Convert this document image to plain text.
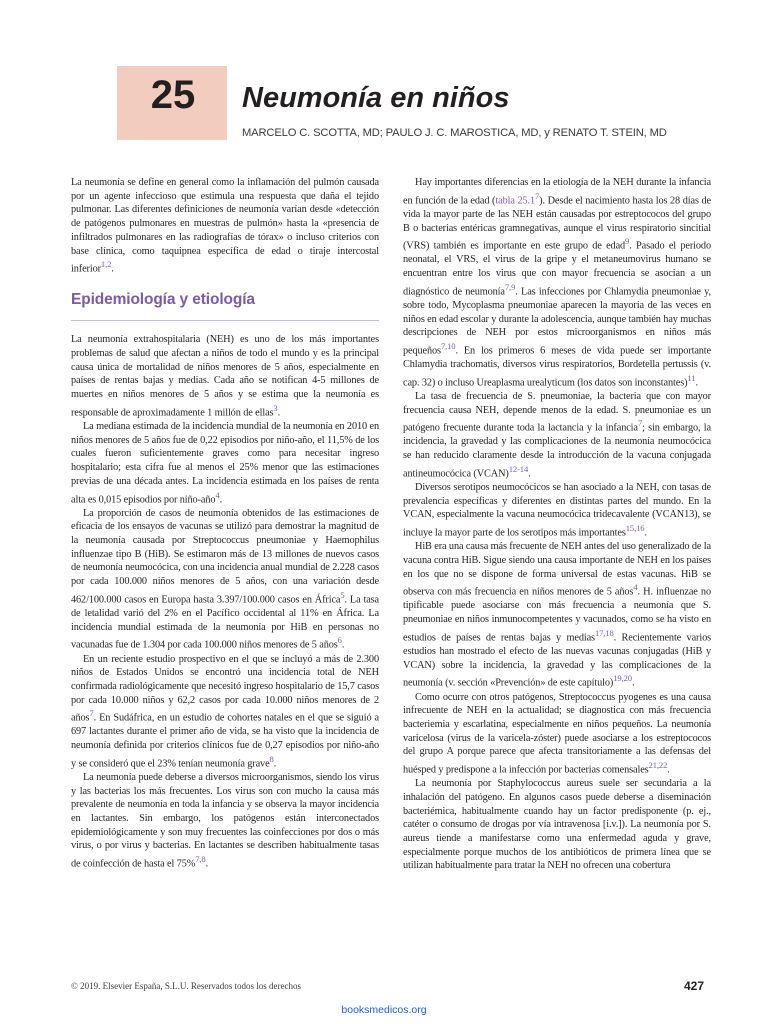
25	Neumonía en niños
MARCELO C. SCOTTA, MD; PAULO J. C. MAROSTICA, MD, y RENATO T. STEIN, MD

La neumonía se define en general como la inflamación del pulmón causada por un agente infeccioso que estimula una respuesta que daña el tejido pulmonar. Las diferentes definiciones de neumonía varían desde «detección de patógenos pulmonares en muestras de pulmón» hasta la «presencia de infiltrados pulmonares en las radiografías de tórax» o incluso criterios con base clínica, como taquipnea específica de edad o tiraje intercostal inferior$^{1,2}$.

Epidemiología y etiología

La neumonía extrahospitalaria (NEH) es uno de los más importantes problemas de salud que afectan a niños de todo el mundo y es la principal causa única de mortalidad de niños menores de 5 años, especialmente en países de rentas bajas y medias. Cada año se notifican 4-5 millones de muertes en niños menores de 5 años y se estima que la neumonía es responsable de aproximadamente 1 millón de ellas$^3$.

La mediana estimada de la incidencia mundial de la neumonía en 2010 en niños menores de 5 años fue de 0,22 episodios por niño-año, el 11,5% de los cuales fueron suficientemente graves como para necesitar ingreso hospitalario; esta cifra fue al menos el 25% menor que las estimaciones previas de una década antes. La incidencia estimada en los países de renta alta es 0,015 episodios por niño-año$^4$.

La proporción de casos de neumonía obtenidos de las estimaciones de eficacia de los ensayos de vacunas se utilizó para demostrar la magnitud de la neumonía causada por Streptococcus pneumoniae y Haemophilus influenzae tipo B (HiB). Se estimaron más de 13 millones de nuevos casos de neumonía neumocócica, con una incidencia anual mundial de 2.228 casos por cada 100.000 niños menores de 5 años, con una variación desde 462/100.000 casos en Europa hasta 3.397/100.000 casos en África$^5$. La tasa de letalidad varió del 2% en el Pacífico occidental al 11% en África. La incidencia mundial estimada de la neumonía por HiB en personas no vacunadas fue de 1.304 por cada 100.000 niños menores de 5 años$^6$.

En un reciente estudio prospectivo en el que se incluyó a más de 2.300 niños de Estados Unidos se encontró una incidencia total de NEH confirmada radiológicamente que necesitó ingreso hospitalario de 15,7 casos por cada 10.000 niños y 62,2 casos por cada 10.000 niños menores de 2 años$^7$. En Sudáfrica, en un estudio de cohortes natales en el que se siguió a 697 lactantes durante el primer año de vida, se ha visto que la incidencia de neumonía definida por criterios clínicos fue de 0,27 episodios por niño-año y se consideró que el 23% tenían neumonía grave$^8$.

La neumonía puede deberse a diversos microorganismos, siendo los virus y las bacterias los más frecuentes. Los virus son con mucho la causa más prevalente de neumonía en toda la infancia y se observa la mayor incidencia en lactantes. Sin embargo, los patógenos están interconectados epidemiológicamente y son muy frecuentes las coinfecciones por dos o más virus, o por virus y bacterias. En lactantes se describen habitualmente tasas de coinfección de hasta el 75%$^{7,8}$.

Hay importantes diferencias en la etiología de la NEH durante la infancia en función de la edad (tabla 25.1$^7$). Desde el nacimiento hasta los 28 días de vida la mayor parte de las NEH están causadas por estreptococos del grupo B o bacterias entéricas gramnegativas, aunque el virus respiratorio sincitial (VRS) también es importante en este grupo de edad$^9$. Pasado el periodo neonatal, el VRS, el virus de la gripe y el metaneumovirus humano se encuentran entre los virus que con mayor frecuencia se asocian a un diagnóstico de neumonía$^{7,9}$. Las infecciones por Chlamydia pneumoniae y, sobre todo, Mycoplasma pneumoniae aparecen la mayoría de las veces en niños en edad escolar y durante la adolescencia, aunque también hay muchas descripciones de NEH por estos microorganismos en niños más pequeños$^{7,10}$. En los primeros 6 meses de vida puede ser importante Chlamydia trachomatis, diversos virus respiratorios, Bordetella pertussis (v. cap. 32) o incluso Ureaplasma urealyticum (los datos son inconstantes)$^{11}$.

La tasa de frecuencia de S. pneumoniae, la bacteria que con mayor frecuencia causa NEH, depende menos de la edad. S. pneumoniae es un patógeno frecuente durante toda la lactancia y la infancia$^7$; sin embargo, la incidencia, la gravedad y las complicaciones de la neumonía neumocócica se han reducido claramente desde la introducción de la vacuna conjugada antineumocócica (VCAN)$^{12-14}$.

Diversos serotipos neumocócicos se han asociado a la NEH, con tasas de prevalencia específicas y diferentes en distintas partes del mundo. En la VCAN, especialmente la vacuna neumocócica tridecavalente (VCAN13), se incluye la mayor parte de los serotipos más importantes$^{15,16}$.

HiB era una causa más frecuente de NEH antes del uso generalizado de la vacuna contra HiB. Sigue siendo una causa importante de NEH en los países en los que no se dispone de forma universal de estas vacunas. HiB se observa con más frecuencia en niños menores de 5 años$^4$. H. influenzae no tipificable puede asociarse con más frecuencia a neumonía que S. pneumoniae en niños inmunocompetentes y vacunados, como se ha visto en estudios de países de rentas bajas y medias$^{17,18}$. Recientemente varios estudios han mostrado el efecto de las nuevas vacunas conjugadas (HiB y VCAN) sobre la incidencia, la gravedad y las complicaciones de la neumonía (v. sección «Prevención» de este capítulo)$^{19,20}$.

Como ocurre con otros patógenos, Streptococcus pyogenes es una causa infrecuente de NEH en la actualidad; se diagnostica con más frecuencia bacteriemia y escarlatina, especialmente en niños pequeños. La neumonía varicelosa (virus de la varicela-zóster) puede asociarse a los estreptococos del grupo A porque parece que afecta transitoriamente a las defensas del huésped y predispone a la infección por bacterias comensales$^{21,22}$.

La neumonía por Staphylococcus aureus suele ser secundaria a la inhalación del patógeno. En algunos casos puede deberse a diseminación bacteriémica, habitualmente cuando hay un factor predisponente (p. ej., catéter o consumo de drogas por vía intravenosa [i.v.]). La neumonía por S. aureus tiende a manifestarse como una enfermedad aguda y grave, especialmente porque muchos de los antibióticos de primera línea que se utilizan habitualmente para tratar la NEH no ofrecen una cobertura

© 2019. Elsevier España, S.L.U. Reservados todos los derechos	427
booksmedicos.org
